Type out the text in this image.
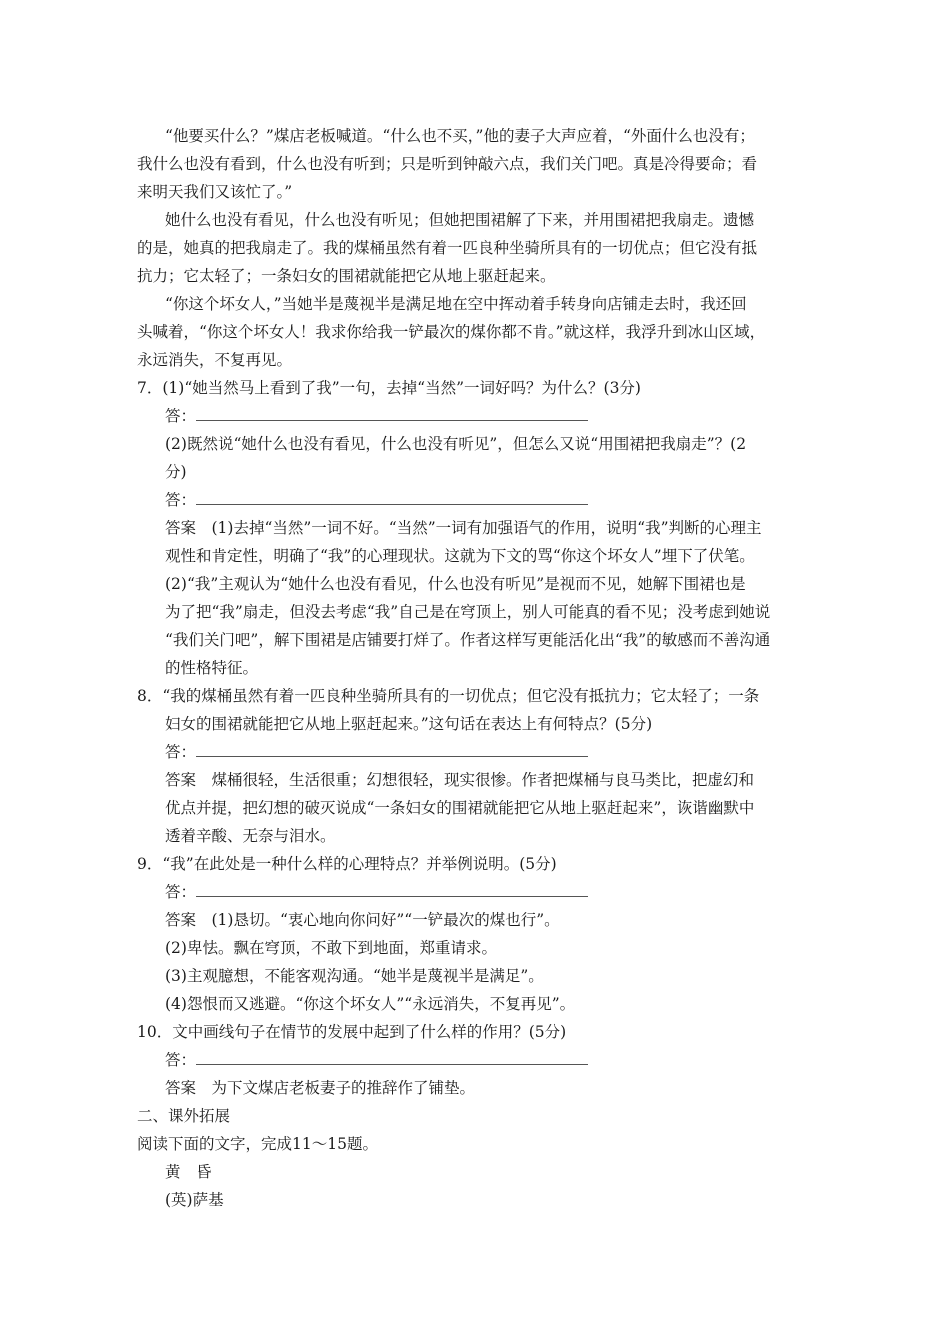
“他要买什么？”煤店老板喊道。“什么也不买，”他的妻子大声应着，“外面什么也没有；
我什么也没有看到，什么也没有听到；只是听到钟敲六点，我们关门吧。真是冷得要命；看
来明天我们又该忙了。”
她什么也没有看见，什么也没有听见；但她把围裙解了下来，并用围裙把我扇走。遗憾
的是，她真的把我扇走了。我的煤桶虽然有着一匹良种坐骑所具有的一切优点；但它没有抵
抗力；它太轻了；一条妇女的围裙就能把它从地上驱赶起来。
“你这个坏女人，”当她半是蔑视半是满足地在空中挥动着手转身向店铺走去时，我还回
头喊着，“你这个坏女人！我求你给我一铲最次的煤你都不肯。”就这样，我浮升到冰山区域，
永远消失，不复再见。
7．(1)“她当然马上看到了我”一句，去掉“当然”一词好吗？为什么？(3分)
答：
(2)既然说“她什么也没有看见，什么也没有听见”，但怎么又说“用围裙把我扇走”？(2
分)
答：
答案　(1)去掉“当然”一词不好。“当然”一词有加强语气的作用，说明“我”判断的心理主
观性和肯定性，明确了“我”的心理现状。这就为下文的骂“你这个坏女人”埋下了伏笔。
(2)“我”主观认为“她什么也没有看见，什么也没有听见”是视而不见，她解下围裙也是
为了把“我”扇走，但没去考虑“我”自己是在穹顶上，别人可能真的看不见；没考虑到她说
“我们关门吧”，解下围裙是店铺要打烊了。作者这样写更能活化出“我”的敏感而不善沟通
的性格特征。
8．“我的煤桶虽然有着一匹良种坐骑所具有的一切优点；但它没有抵抗力；它太轻了；一条
妇女的围裙就能把它从地上驱赶起来。”这句话在表达上有何特点？(5分)
答：
答案　煤桶很轻，生活很重；幻想很轻，现实很惨。作者把煤桶与良马类比，把虚幻和
优点并提，把幻想的破灭说成“一条妇女的围裙就能把它从地上驱赶起来”，诙谐幽默中
透着辛酸、无奈与泪水。
9．“我”在此处是一种什么样的心理特点？并举例说明。(5分)
答：
答案　(1)恳切。“衷心地向你问好”“一铲最次的煤也行”。
(2)卑怯。飘在穹顶，不敢下到地面，郑重请求。
(3)主观臆想，不能客观沟通。“她半是蔑视半是满足”。
(4)怨恨而又逃避。“你这个坏女人”“永远消失，不复再见”。
10．文中画线句子在情节的发展中起到了什么样的作用？(5分)
答：
答案　为下文煤店老板妻子的推辞作了铺垫。
二、课外拓展
阅读下面的文字，完成11～15题。
黄　昏
(英)萨基
